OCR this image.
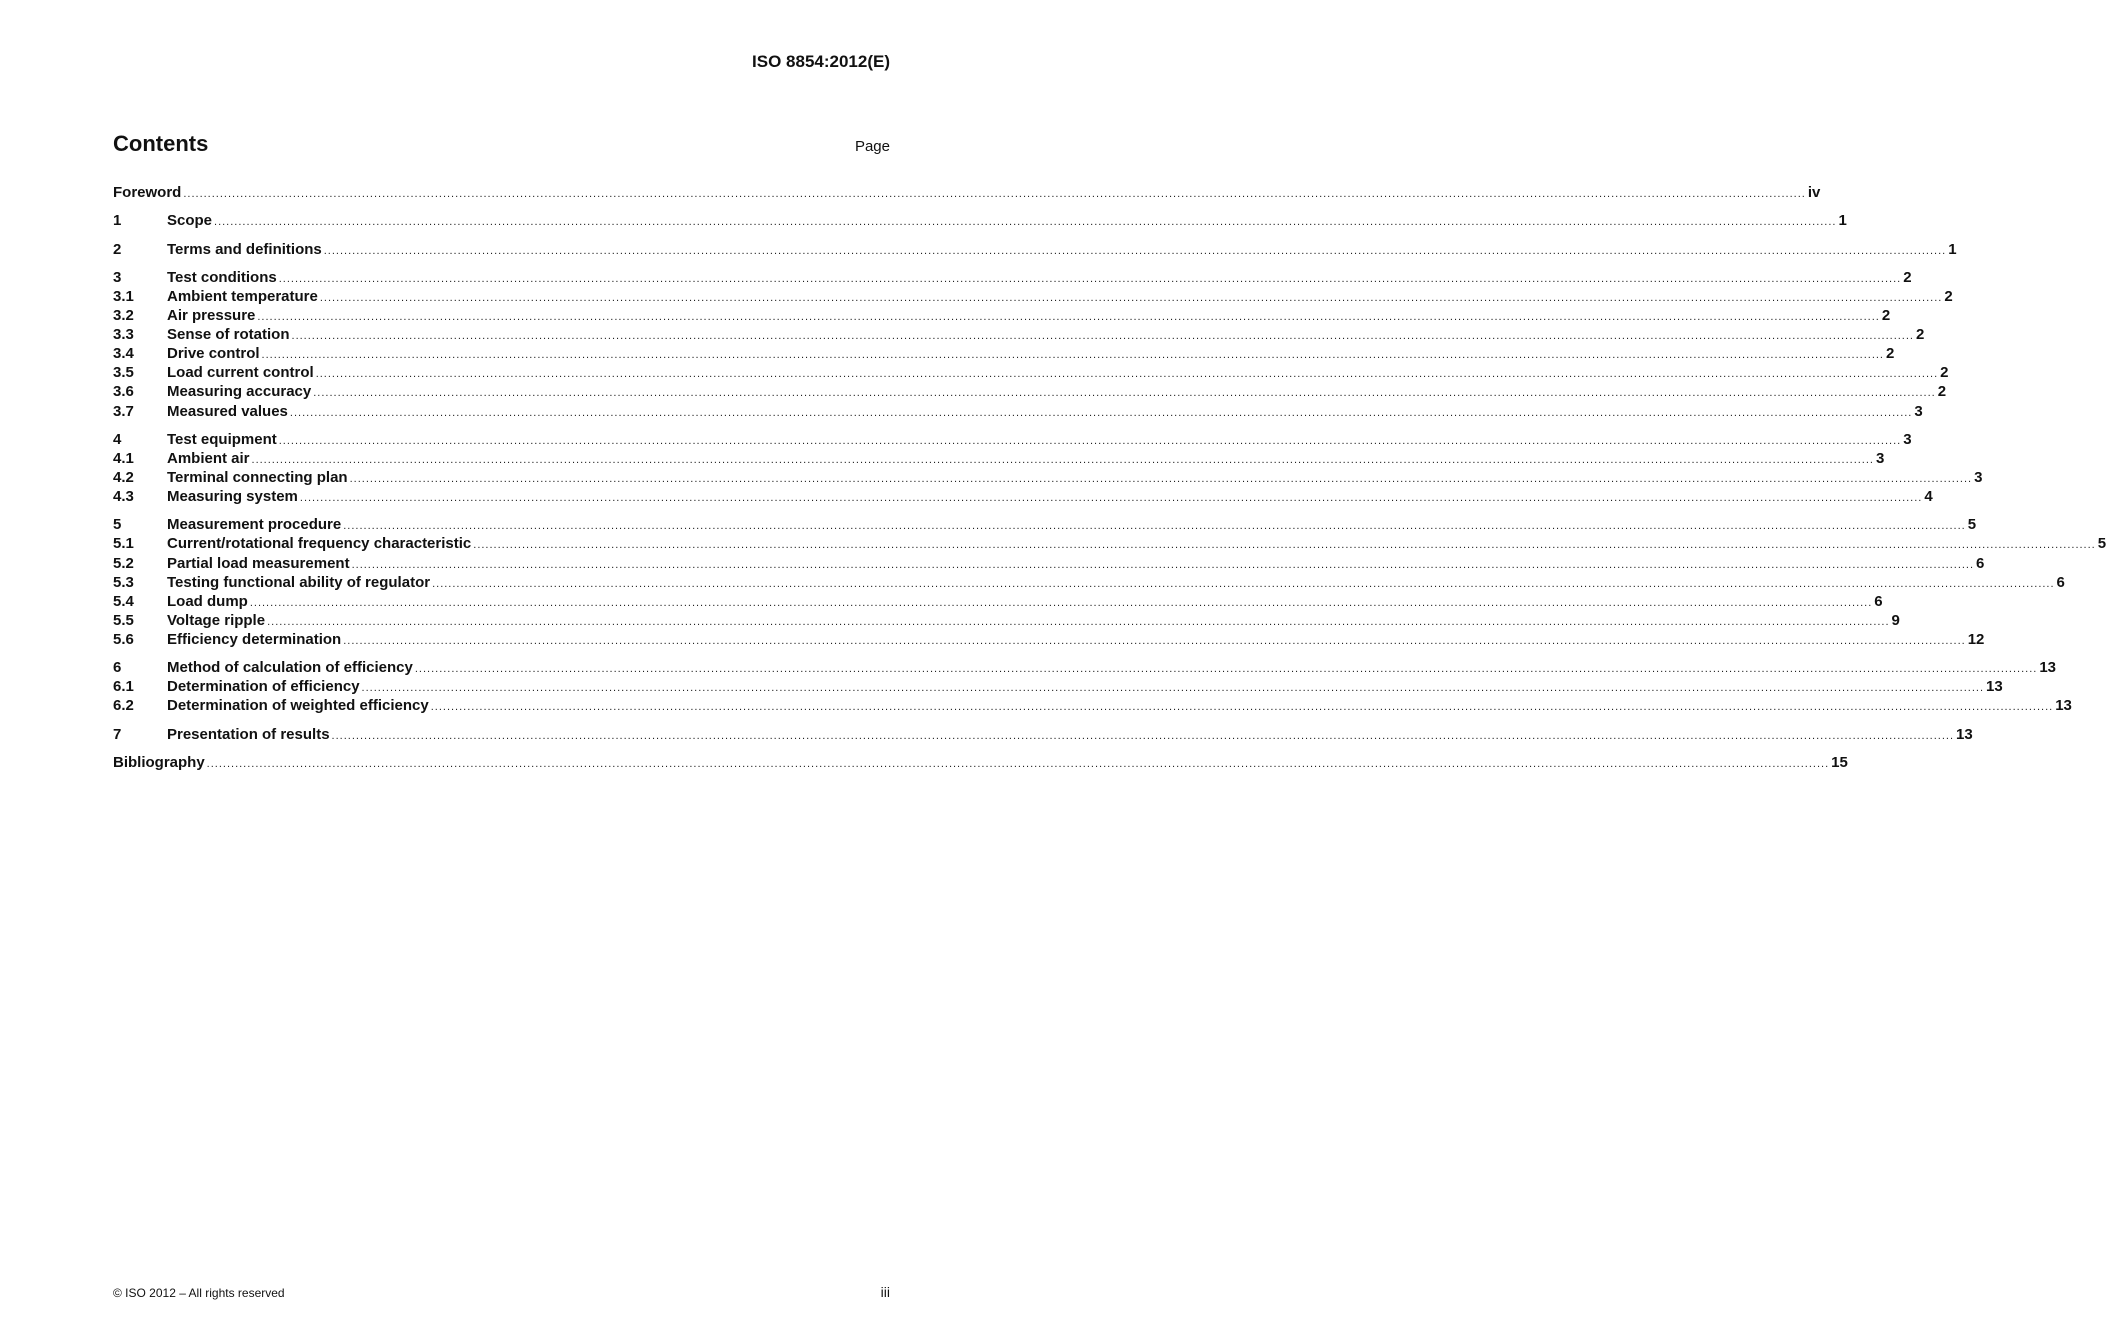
ISO 8854:2012(E)
Contents	Page
Foreword ................................................................................................................................................................................................................................................................................................................................................................................................................ iv
1	Scope ................................................................................................................................................................................................................................................................................................................................................................................................................ 1
2	Terms and definitions ................................................................................................................................................................................................................................................................................................................................................................................................................ 1
3	Test conditions ................................................................................................................................................................................................................................................................................................................................................................................................................ 2
3.1	Ambient temperature ................................................................................................................................................................................................................................................................................................................................................................................................................ 2
3.2	Air pressure ................................................................................................................................................................................................................................................................................................................................................................................................................ 2
3.3	Sense of rotation ................................................................................................................................................................................................................................................................................................................................................................................................................ 2
3.4	Drive control ................................................................................................................................................................................................................................................................................................................................................................................................................ 2
3.5	Load current control ................................................................................................................................................................................................................................................................................................................................................................................................................ 2
3.6	Measuring accuracy ................................................................................................................................................................................................................................................................................................................................................................................................................ 2
3.7	Measured values ................................................................................................................................................................................................................................................................................................................................................................................................................ 3
4	Test equipment ................................................................................................................................................................................................................................................................................................................................................................................................................ 3
4.1	Ambient air ................................................................................................................................................................................................................................................................................................................................................................................................................ 3
4.2	Terminal connecting plan ................................................................................................................................................................................................................................................................................................................................................................................................................ 3
4.3	Measuring system ................................................................................................................................................................................................................................................................................................................................................................................................................ 4
5	Measurement procedure ................................................................................................................................................................................................................................................................................................................................................................................................................ 5
5.1	Current/rotational frequency characteristic ................................................................................................................................................................................................................................................................................................................................................................................................................ 5
5.2	Partial load measurement ................................................................................................................................................................................................................................................................................................................................................................................................................ 6
5.3	Testing functional ability of regulator ................................................................................................................................................................................................................................................................................................................................................................................................................ 6
5.4	Load dump ................................................................................................................................................................................................................................................................................................................................................................................................................ 6
5.5	Voltage ripple ................................................................................................................................................................................................................................................................................................................................................................................................................ 9
5.6	Efficiency determination ................................................................................................................................................................................................................................................................................................................................................................................................................ 12
6	Method of calculation of efficiency ................................................................................................................................................................................................................................................................................................................................................................................................................ 13
6.1	Determination of efficiency ................................................................................................................................................................................................................................................................................................................................................................................................................ 13
6.2	Determination of weighted efficiency ................................................................................................................................................................................................................................................................................................................................................................................................................ 13
7	Presentation of results ................................................................................................................................................................................................................................................................................................................................................................................................................ 13
Bibliography ................................................................................................................................................................................................................................................................................................................................................................................................................ 15
© ISO 2012 – All rights reserved	iii
